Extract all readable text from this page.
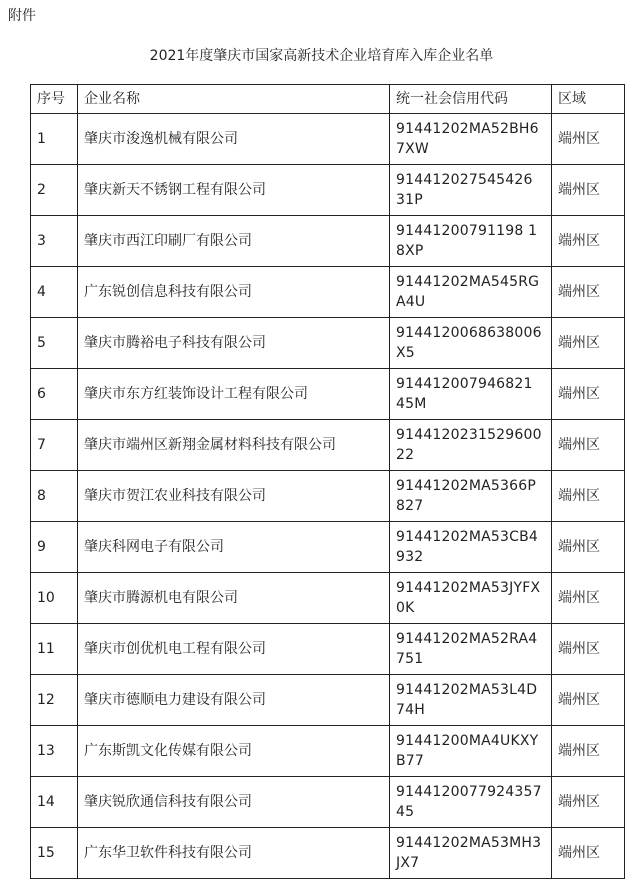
附件
2021年度肇庆市国家高新技术企业培育库入库企业名单
序号	企业名称	统一社会信用代码	区域
1	肇庆市浚逸机械有限公司	91441202MA52BH67XW	端州区
2	肇庆新天不锈钢工程有限公司	914412027545426 31P	端州区
3	肇庆市西江印刷厂有限公司	91441200791198 18XP	端州区
4	广东锐创信息科技有限公司	91441202MA545RGA4U	端州区
5	肇庆市腾裕电子科技有限公司	9144120068638006X5	端州区
6	肇庆市东方红装饰设计工程有限公司	914412007946821 45M	端州区
7	肇庆市端州区新翔金属材料科技有限公司	914412023152960022	端州区
8	肇庆市贺江农业科技有限公司	91441202MA5366P827	端州区
9	肇庆科网电子有限公司	91441202MA53CB4932	端州区
10	肇庆市腾源机电有限公司	91441202MA53JYFX0K	端州区
11	肇庆市创优机电工程有限公司	91441202MA52RA4751	端州区
12	肇庆市德顺电力建设有限公司	91441202MA53L4D74H	端州区
13	广东斯凯文化传媒有限公司	91441200MA4UKXYB77	端州区
14	肇庆锐欣通信科技有限公司	914412007792435745	端州区
15	广东华卫软件科技有限公司	91441202MA53MH3JX7	端州区
